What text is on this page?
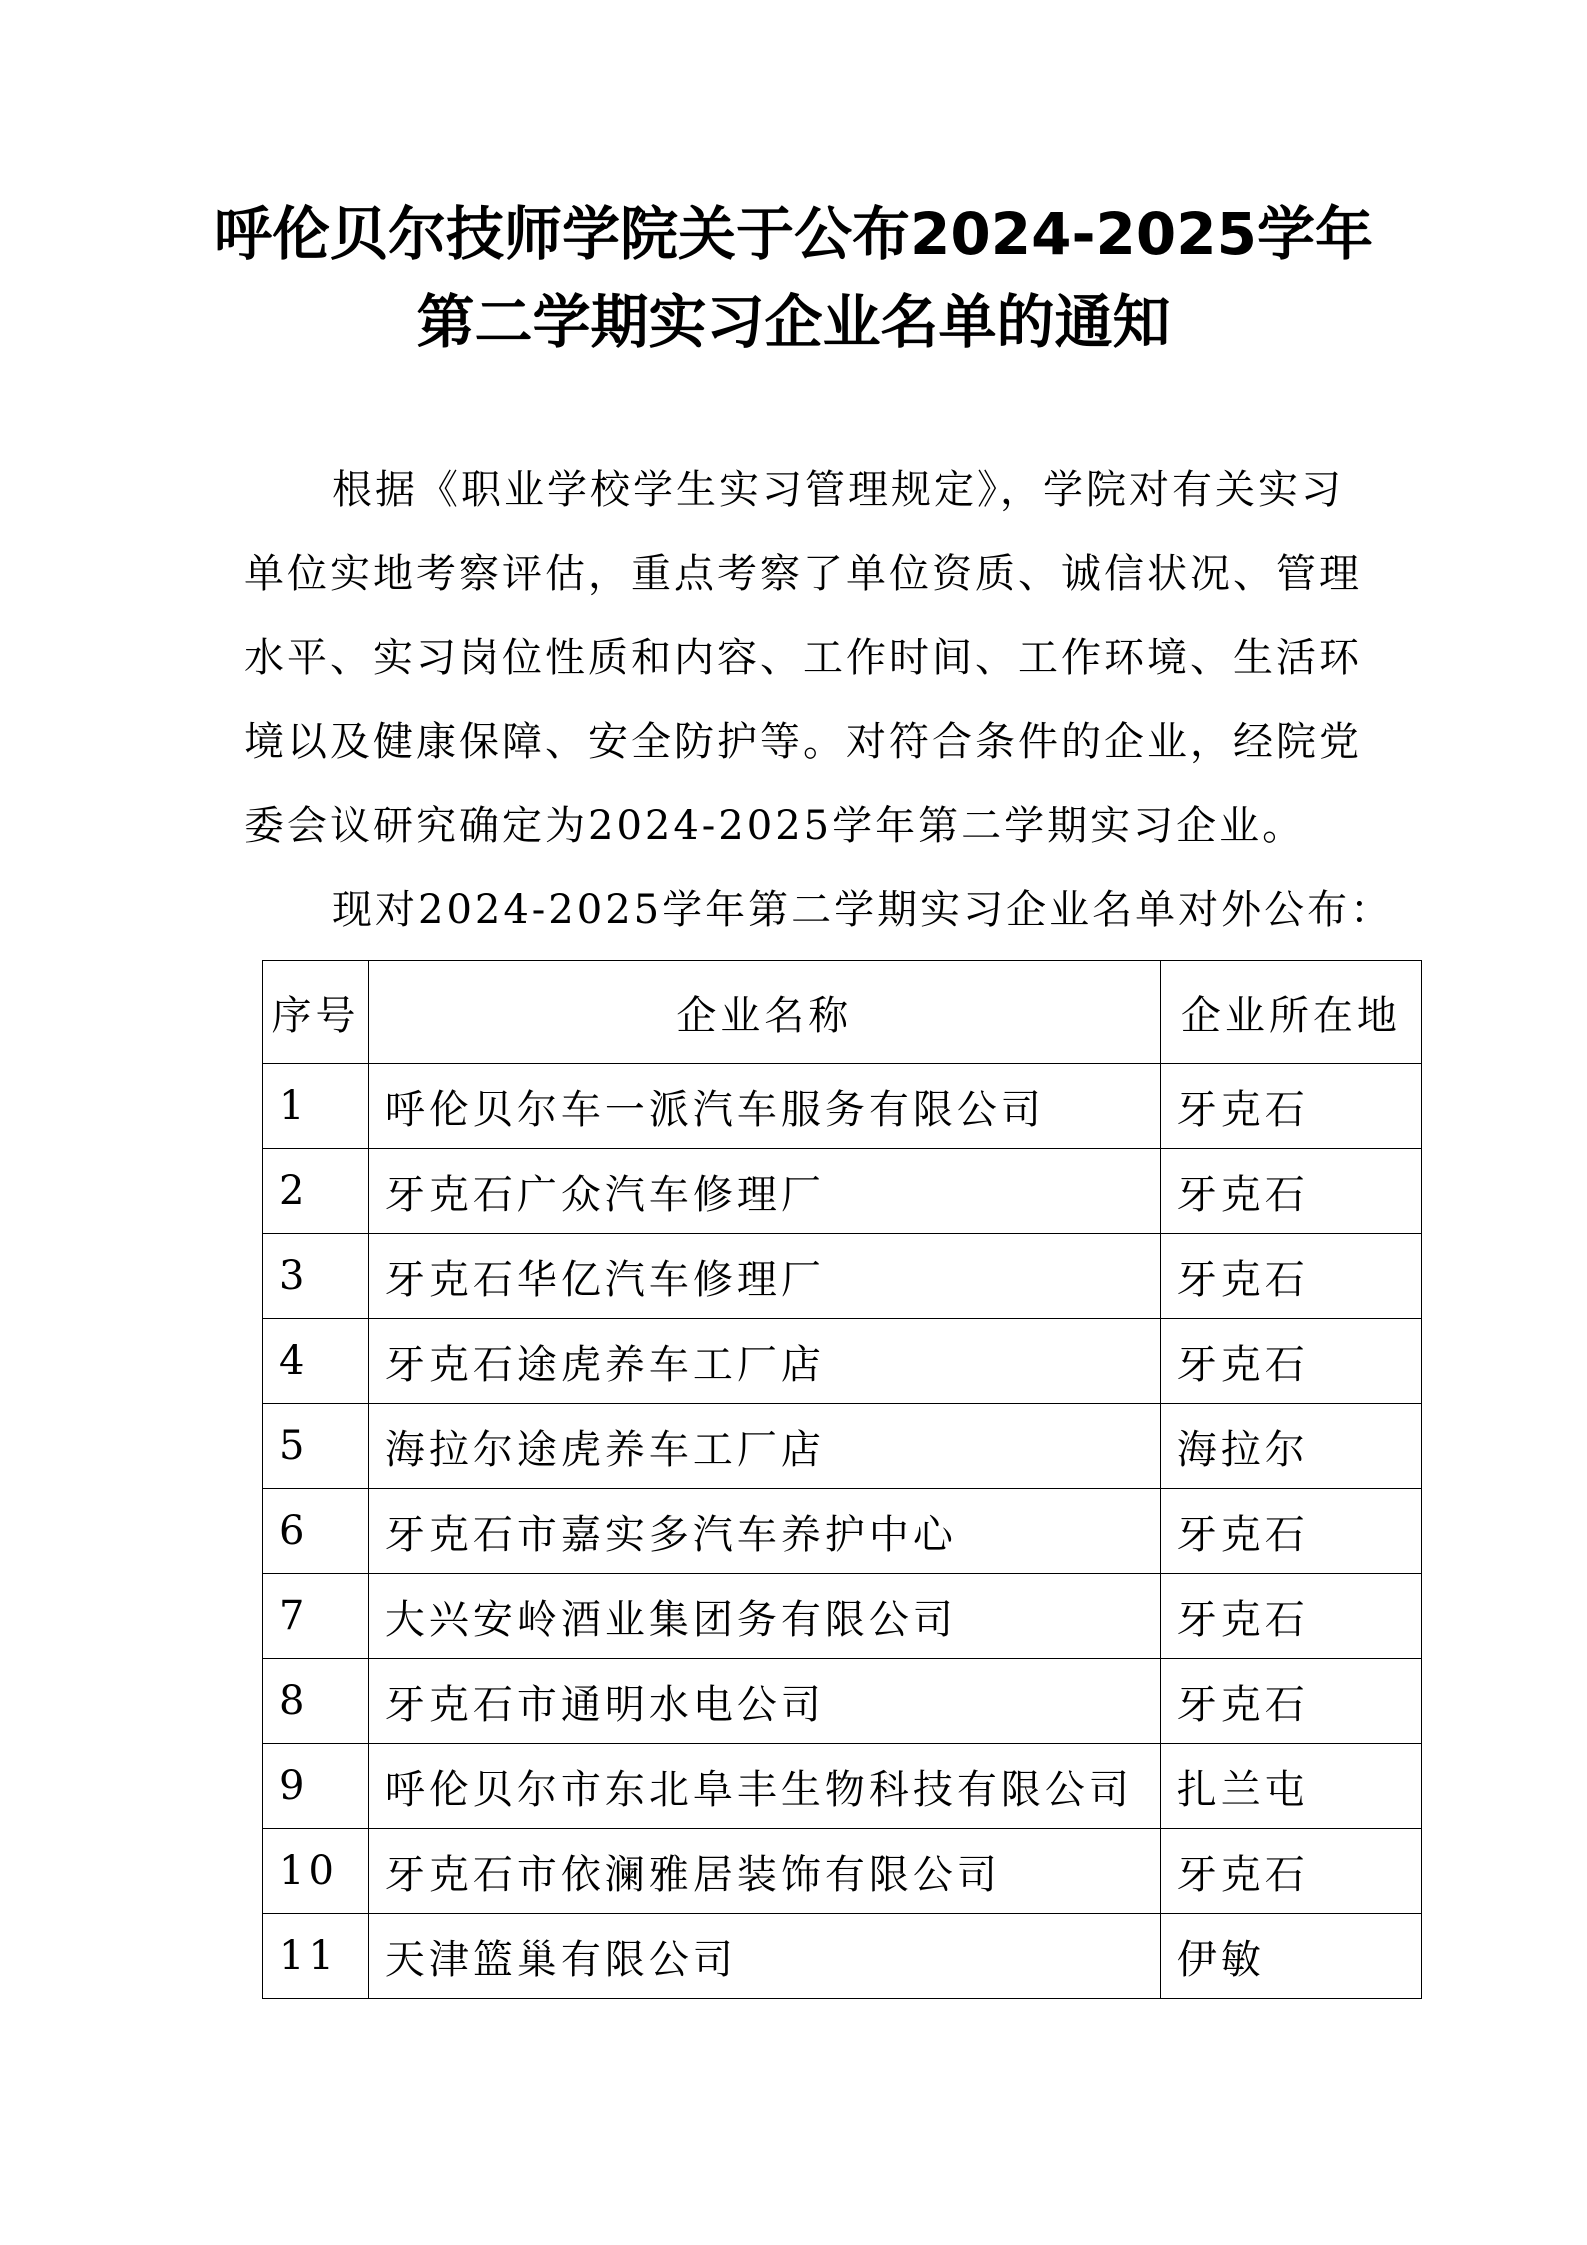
呼伦贝尔技师学院关于公布2024-2025学年
第二学期实习企业名单的通知

根据《职业学校学生实习管理规定》，学院对有关实习

单位实地考察评估，重点考察了单位资质、诚信状况、管理

水平、实习岗位性质和内容、工作时间、工作环境、生活环

境以及健康保障、安全防护等。对符合条件的企业，经院党

委会议研究确定为2024-2025学年第二学期实习企业。

现对2024-2025学年第二学期实习企业名单对外公布：

序号	企业名称	企业所在地
1	呼伦贝尔车一派汽车服务有限公司	牙克石
2	牙克石广众汽车修理厂	牙克石
3	牙克石华亿汽车修理厂	牙克石
4	牙克石途虎养车工厂店	牙克石
5	海拉尔途虎养车工厂店	海拉尔
6	牙克石市嘉实多汽车养护中心	牙克石
7	大兴安岭酒业集团务有限公司	牙克石
8	牙克石市通明水电公司	牙克石
9	呼伦贝尔市东北阜丰生物科技有限公司	扎兰屯
10	牙克石市依澜雅居装饰有限公司	牙克石
11	天津篮巢有限公司	伊敏
